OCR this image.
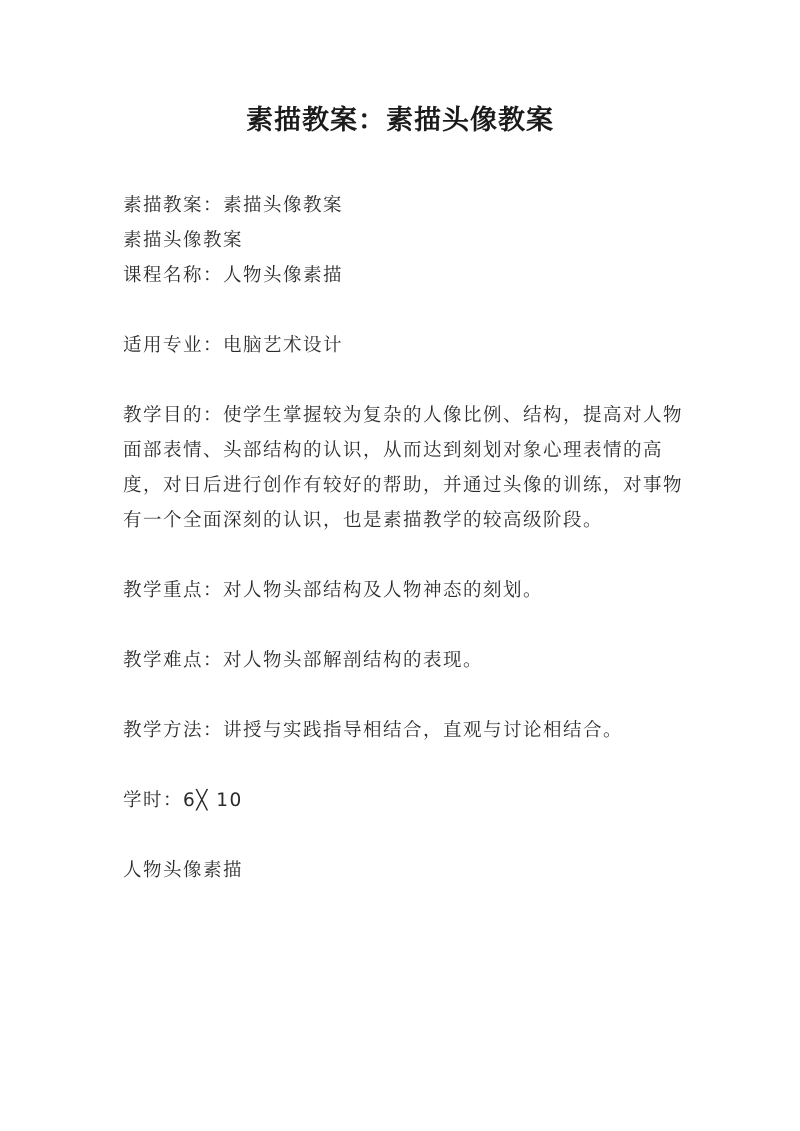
素描教案：素描头像教案

素描教案：素描头像教案

素描头像教案

课程名称：人物头像素描

适用专业：电脑艺术设计

教学目的：使学生掌握较为复杂的人像比例、结构，提高对人物面部表情、头部结构的认识，从而达到刻划对象心理表情的高度，对日后进行创作有较好的帮助，并通过头像的训练，对事物有一个全面深刻的认识，也是素描教学的较高级阶段。

教学重点：对人物头部结构及人物神态的刻划。

教学难点：对人物头部解剖结构的表现。

教学方法：讲授与实践指导相结合，直观与讨论相结合。

学时：6╳ 10

人物头像素描
